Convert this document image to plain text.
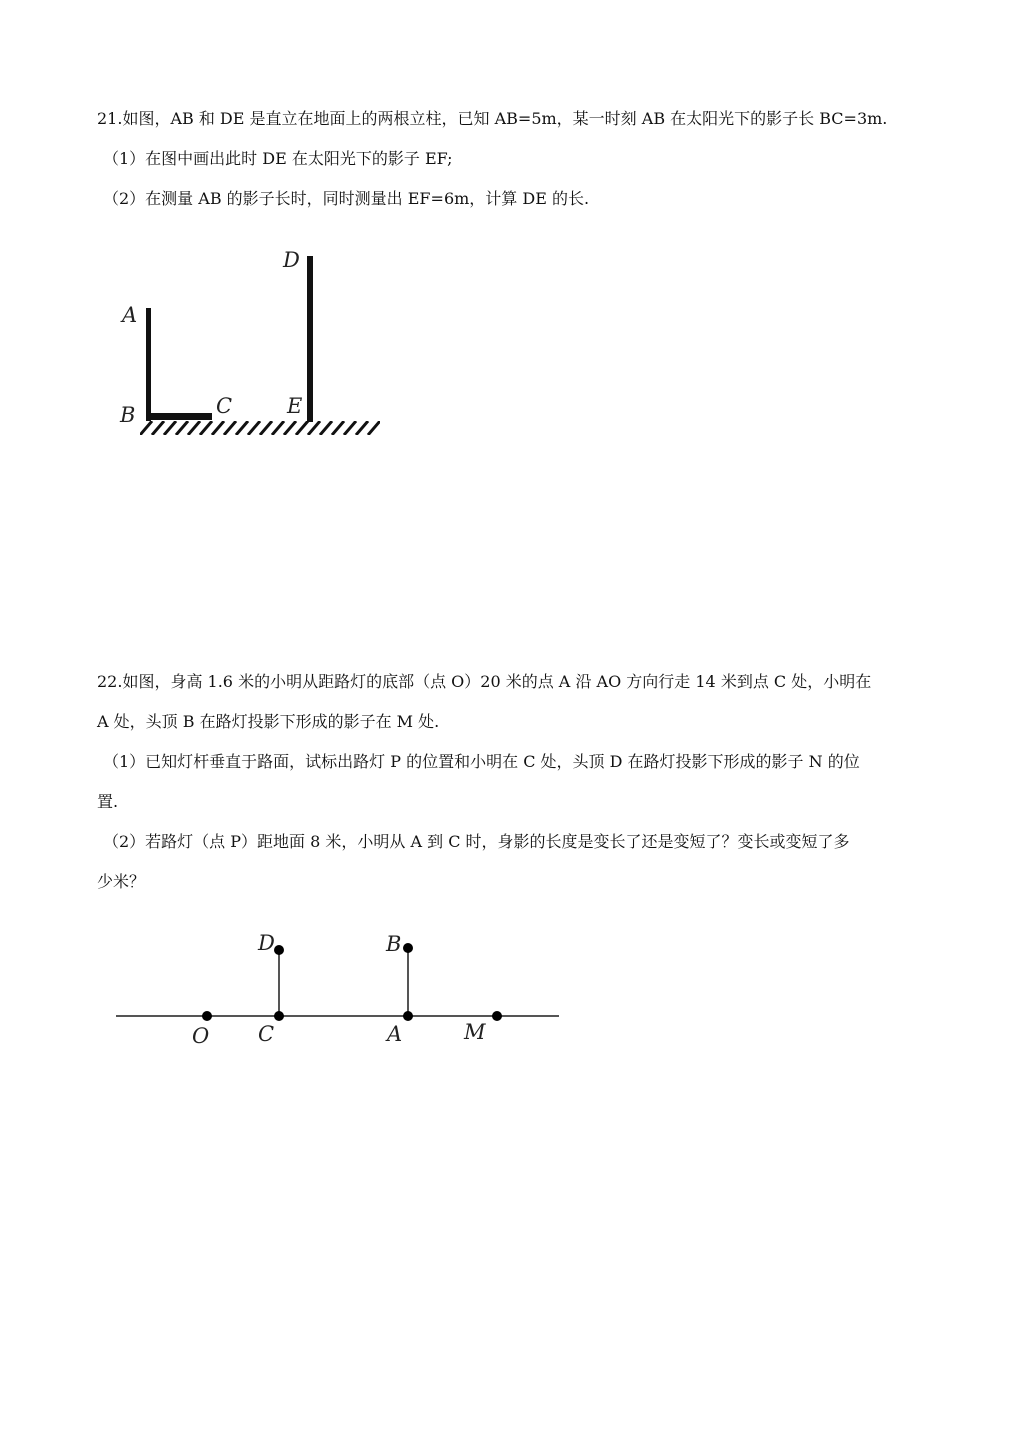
21.如图，AB 和 DE 是直立在地面上的两根立柱，已知 AB=5m，某一时刻 AB 在太阳光下的影子长 BC=3m.
（1）在图中画出此时 DE 在太阳光下的影子 EF;
（2）在测量 AB 的影子长时，同时测量出 EF=6m，计算 DE 的长.
D
A
B	C	E
22.如图，身高 1.6 米的小明从距路灯的底部（点 O）20 米的点 A 沿 AO 方向行走 14 米到点 C 处，小明在
A 处，头顶 B 在路灯投影下形成的影子在 M 处.
（1）已知灯杆垂直于路面，试标出路灯 P 的位置和小明在 C 处，头顶 D 在路灯投影下形成的影子 N 的位
置.
（2）若路灯（点 P）距地面 8 米，小明从 A 到 C 时，身影的长度是变长了还是变短了？变长或变短了多
少米？
D	B
O C	A	M
